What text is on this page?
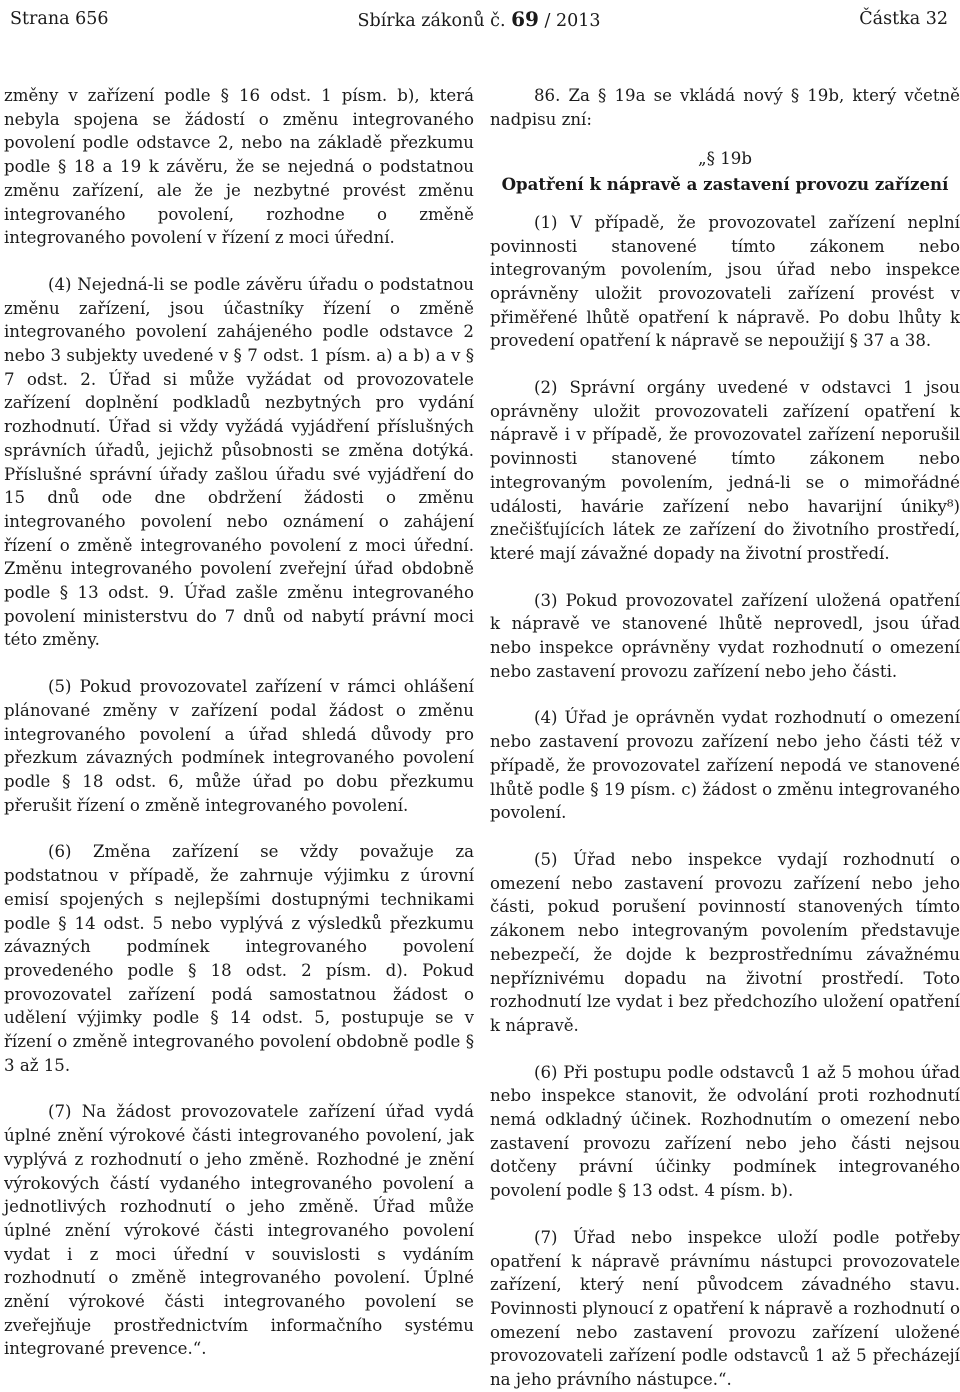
Strana 656	Sbírka zákonů č. 69 / 2013	Částka 32

změny v zařízení podle § 16 odst. 1 písm. b), která nebyla spojena se žádostí o změnu integrovaného povolení podle odstavce 2, nebo na základě přezkumu podle § 18 a 19 k závěru, že se nejedná o podstatnou změnu zařízení, ale že je nezbytné provést změnu integrovaného povolení, rozhodne o změně integrovaného povolení v řízení z moci úřední.

(4) Nejedná-li se podle závěru úřadu o podstatnou změnu zařízení, jsou účastníky řízení o změně integrovaného povolení zahájeného podle odstavce 2 nebo 3 subjekty uvedené v § 7 odst. 1 písm. a) a b) a v § 7 odst. 2. Úřad si může vyžádat od provozovatele zařízení doplnění podkladů nezbytných pro vydání rozhodnutí. Úřad si vždy vyžádá vyjádření příslušných správních úřadů, jejichž působnosti se změna dotýká. Příslušné správní úřady zašlou úřadu své vyjádření do 15 dnů ode dne obdržení žádosti o změnu integrovaného povolení nebo oznámení o zahájení řízení o změně integrovaného povolení z moci úřední. Změnu integrovaného povolení zveřejní úřad obdobně podle § 13 odst. 9. Úřad zašle změnu integrovaného povolení ministerstvu do 7 dnů od nabytí právní moci této změny.

(5) Pokud provozovatel zařízení v rámci ohlášení plánované změny v zařízení podal žádost o změnu integrovaného povolení a úřad shledá důvody pro přezkum závazných podmínek integrovaného povolení podle § 18 odst. 6, může úřad po dobu přezkumu přerušit řízení o změně integrovaného povolení.

(6) Změna zařízení se vždy považuje za podstatnou v případě, že zahrnuje výjimku z úrovní emisí spojených s nejlepšími dostupnými technikami podle § 14 odst. 5 nebo vyplývá z výsledků přezkumu závazných podmínek integrovaného povolení provedeného podle § 18 odst. 2 písm. d). Pokud provozovatel zařízení podá samostatnou žádost o udělení výjimky podle § 14 odst. 5, postupuje se v řízení o změně integrovaného povolení obdobně podle § 3 až 15.

(7) Na žádost provozovatele zařízení úřad vydá úplné znění výrokové části integrovaného povolení, jak vyplývá z rozhodnutí o jeho změně. Rozhodné je znění výrokových částí vydaného integrovaného povolení a jednotlivých rozhodnutí o jeho změně. Úřad může úplné znění výrokové části integrovaného povolení vydat i z moci úřední v souvislosti s vydáním rozhodnutí o změně integrovaného povolení. Úplné znění výrokové části integrovaného povolení se zveřejňuje prostřednictvím informačního systému integrované prevence.“.

86. Za § 19a se vkládá nový § 19b, který včetně nadpisu zní:

„§ 19b

Opatření k nápravě a zastavení provozu zařízení

(1) V případě, že provozovatel zařízení neplní povinnosti stanovené tímto zákonem nebo integrovaným povolením, jsou úřad nebo inspekce oprávněny uložit provozovateli zařízení provést v přiměřené lhůtě opatření k nápravě. Po dobu lhůty k provedení opatření k nápravě se nepoužijí § 37 a 38.

(2) Správní orgány uvedené v odstavci 1 jsou oprávněny uložit provozovateli zařízení opatření k nápravě i v případě, že provozovatel zařízení neporušil povinnosti stanovené tímto zákonem nebo integrovaným povolením, jedná-li se o mimořádné události, havárie zařízení nebo havarijní úniky⁸) znečišťujících látek ze zařízení do životního prostředí, které mají závažné dopady na životní prostředí.

(3) Pokud provozovatel zařízení uložená opatření k nápravě ve stanovené lhůtě neprovedl, jsou úřad nebo inspekce oprávněny vydat rozhodnutí o omezení nebo zastavení provozu zařízení nebo jeho části.

(4) Úřad je oprávněn vydat rozhodnutí o omezení nebo zastavení provozu zařízení nebo jeho části též v případě, že provozovatel zařízení nepodá ve stanovené lhůtě podle § 19 písm. c) žádost o změnu integrovaného povolení.

(5) Úřad nebo inspekce vydají rozhodnutí o omezení nebo zastavení provozu zařízení nebo jeho části, pokud porušení povinností stanovených tímto zákonem nebo integrovaným povolením představuje nebezpečí, že dojde k bezprostřednímu závažnému nepříznivému dopadu na životní prostředí. Toto rozhodnutí lze vydat i bez předchozího uložení opatření k nápravě.

(6) Při postupu podle odstavců 1 až 5 mohou úřad nebo inspekce stanovit, že odvolání proti rozhodnutí nemá odkladný účinek. Rozhodnutím o omezení nebo zastavení provozu zařízení nebo jeho části nejsou dotčeny právní účinky podmínek integrovaného povolení podle § 13 odst. 4 písm. b).

(7) Úřad nebo inspekce uloží podle potřeby opatření k nápravě právnímu nástupci provozovatele zařízení, který není původcem závadného stavu. Povinnosti plynoucí z opatření k nápravě a rozhodnutí o omezení nebo zastavení provozu zařízení uložené provozovateli zařízení podle odstavců 1 až 5 přecházejí na jeho právního nástupce.“.
